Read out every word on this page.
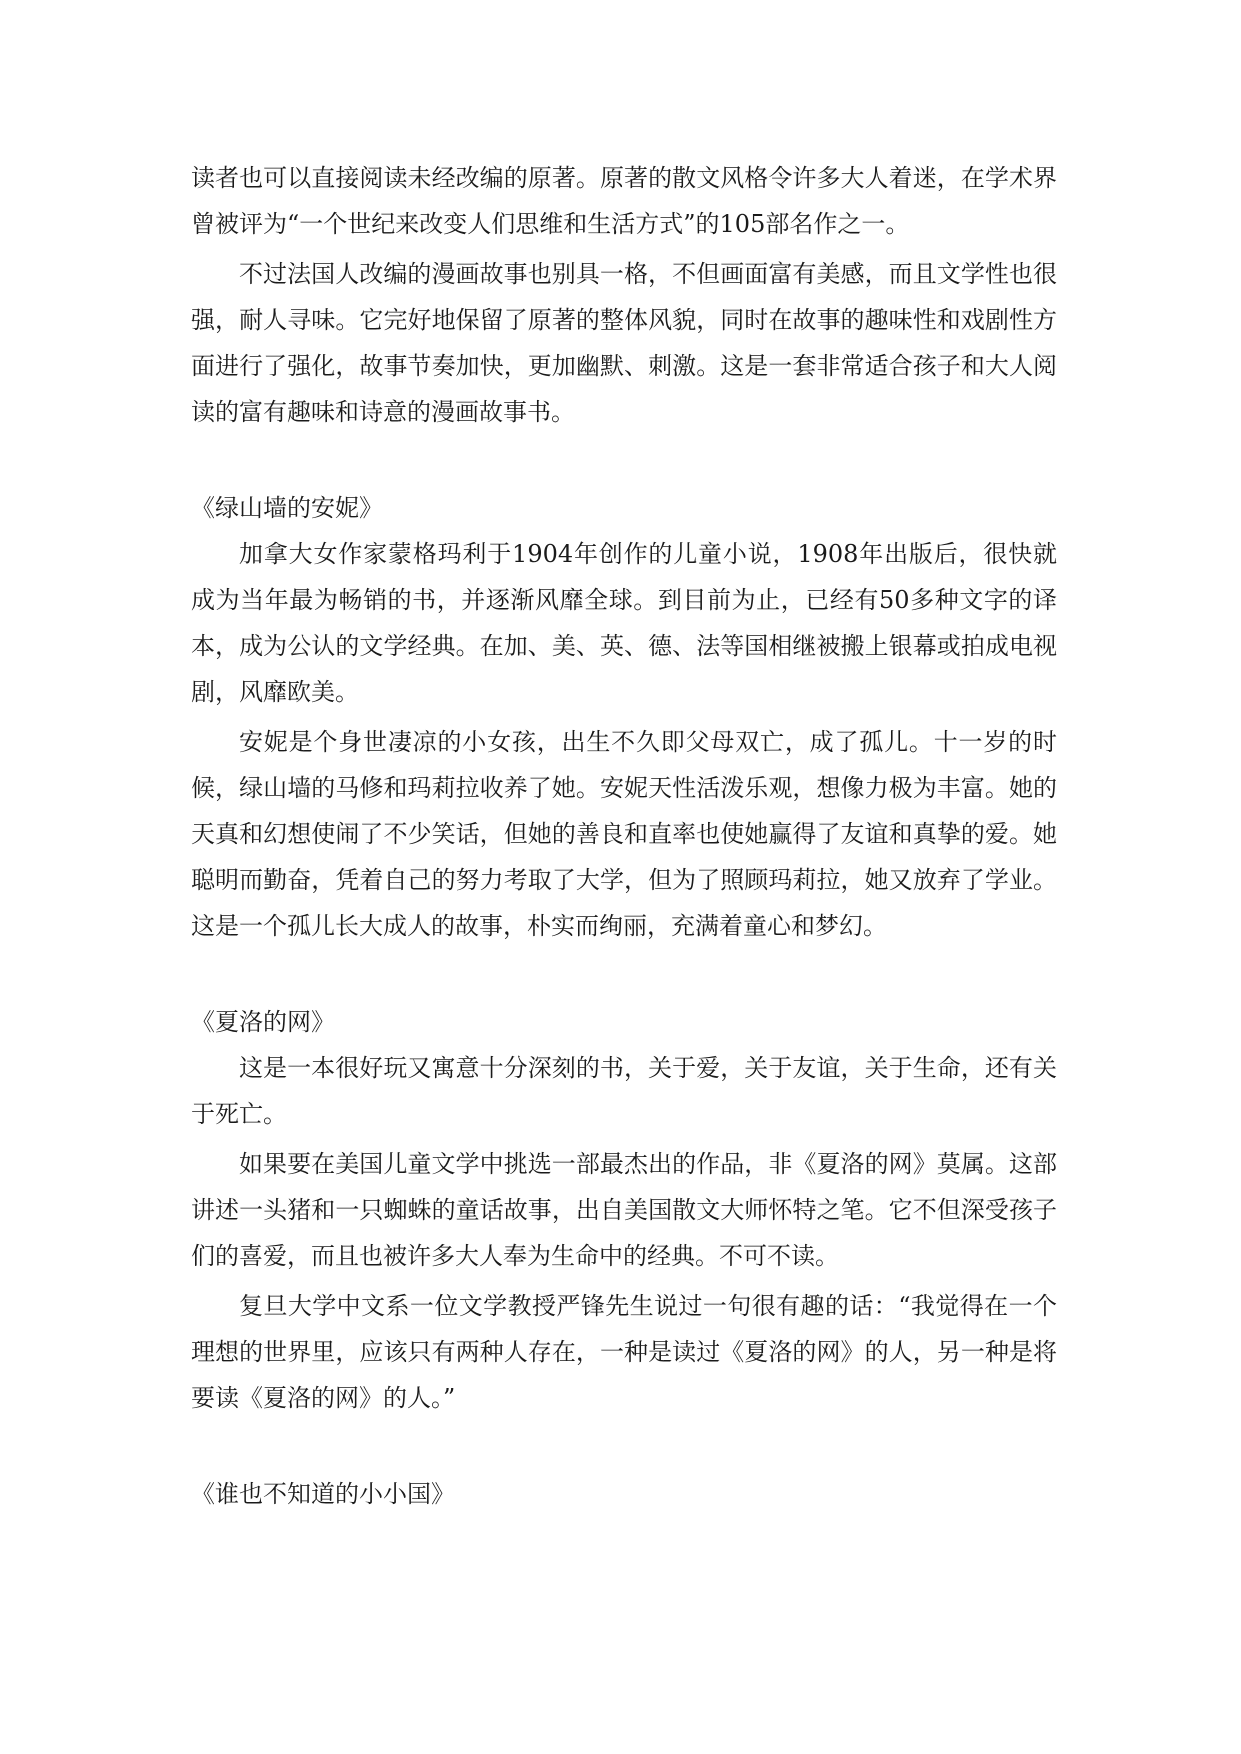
读者也可以直接阅读未经改编的原著。原著的散文风格令许多大人着迷，在学术界曾被评为“一个世纪来改变人们思维和生活方式”的105部名作之一。

不过法国人改编的漫画故事也别具一格，不但画面富有美感，而且文学性也很强，耐人寻味。它完好地保留了原著的整体风貌，同时在故事的趣味性和戏剧性方面进行了强化，故事节奏加快，更加幽默、刺激。这是一套非常适合孩子和大人阅读的富有趣味和诗意的漫画故事书。

《绿山墙的安妮》

加拿大女作家蒙格玛利于1904年创作的儿童小说，1908年出版后，很快就成为当年最为畅销的书，并逐渐风靡全球。到目前为止，已经有50多种文字的译本，成为公认的文学经典。在加、美、英、德、法等国相继被搬上银幕或拍成电视剧，风靡欧美。

安妮是个身世凄凉的小女孩，出生不久即父母双亡，成了孤儿。十一岁的时候，绿山墙的马修和玛莉拉收养了她。安妮天性活泼乐观，想像力极为丰富。她的天真和幻想使闹了不少笑话，但她的善良和直率也使她赢得了友谊和真挚的爱。她聪明而勤奋，凭着自己的努力考取了大学，但为了照顾玛莉拉，她又放弃了学业。这是一个孤儿长大成人的故事，朴实而绚丽，充满着童心和梦幻。

《夏洛的网》

这是一本很好玩又寓意十分深刻的书，关于爱，关于友谊，关于生命，还有关于死亡。

如果要在美国儿童文学中挑选一部最杰出的作品，非《夏洛的网》莫属。这部讲述一头猪和一只蜘蛛的童话故事，出自美国散文大师怀特之笔。它不但深受孩子们的喜爱，而且也被许多大人奉为生命中的经典。不可不读。

复旦大学中文系一位文学教授严锋先生说过一句很有趣的话：“我觉得在一个理想的世界里，应该只有两种人存在，一种是读过《夏洛的网》的人，另一种是将要读《夏洛的网》的人。”

《谁也不知道的小小国》
